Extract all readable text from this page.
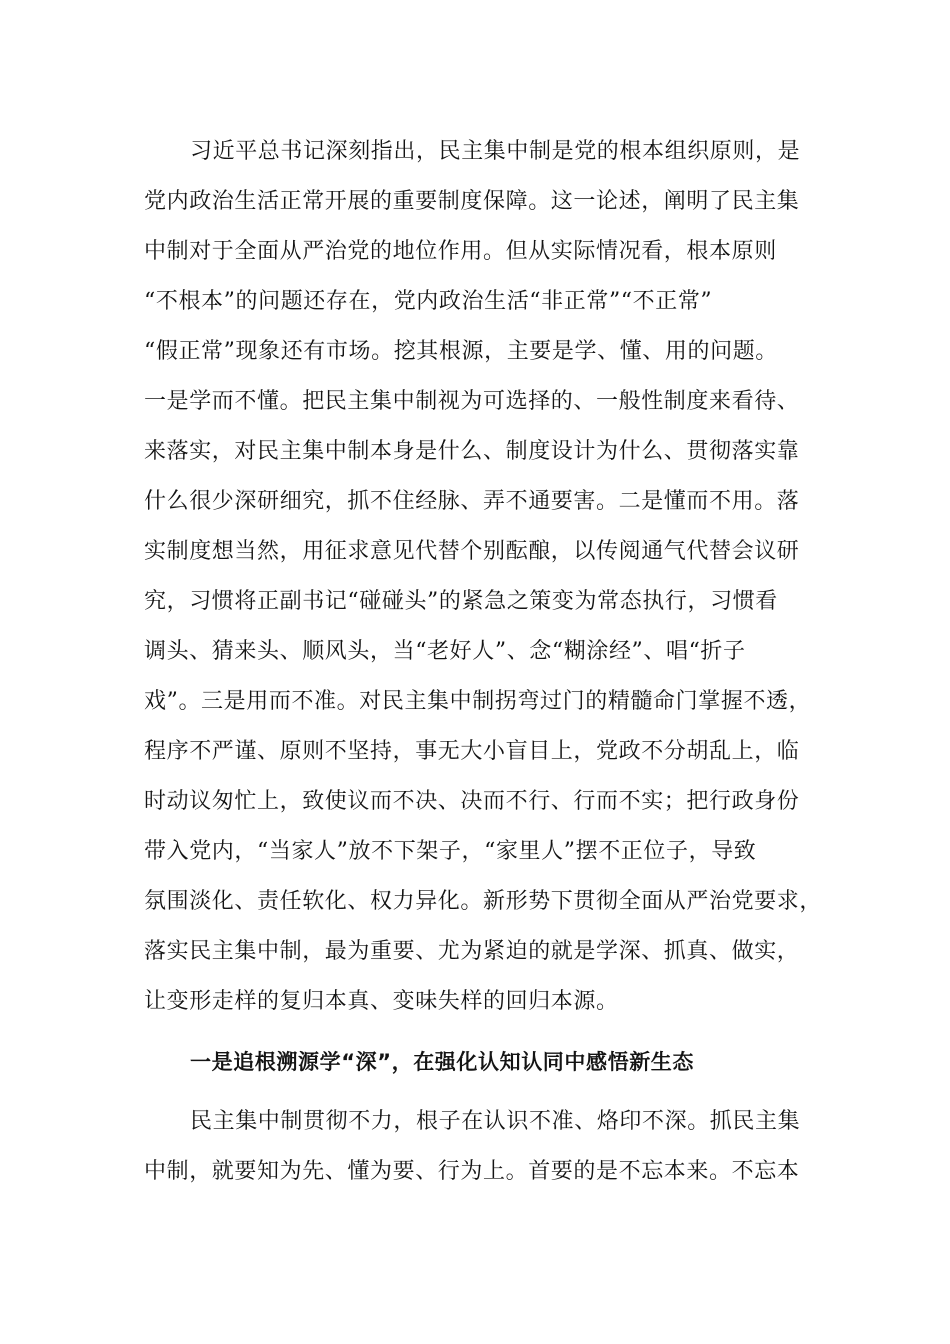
习近平总书记深刻指出，民主集中制是党的根本组织原则，是
党内政治生活正常开展的重要制度保障。这一论述，阐明了民主集
中制对于全面从严治党的地位作用。但从实际情况看，根本原则
“不根本”的问题还存在，党内政治生活“非正常”“不正常”
“假正常”现象还有市场。挖其根源，主要是学、懂、用的问题。
一是学而不懂。把民主集中制视为可选择的、一般性制度来看待、
来落实，对民主集中制本身是什么、制度设计为什么、贯彻落实靠
什么很少深研细究，抓不住经脉、弄不通要害。二是懂而不用。落
实制度想当然，用征求意见代替个别酝酿，以传阅通气代替会议研
究，习惯将正副书记“碰碰头”的紧急之策变为常态执行，习惯看
调头、猜来头、顺风头，当“老好人”、念“糊涂经”、唱“折子
戏”。三是用而不准。对民主集中制拐弯过门的精髓命门掌握不透，
程序不严谨、原则不坚持，事无大小盲目上，党政不分胡乱上，临
时动议匆忙上，致使议而不决、决而不行、行而不实；把行政身份
带入党内，“当家人”放不下架子，“家里人”摆不正位子，导致
氛围淡化、责任软化、权力异化。新形势下贯彻全面从严治党要求，
落实民主集中制，最为重要、尤为紧迫的就是学深、抓真、做实，
让变形走样的复归本真、变味失样的回归本源。
一是追根溯源学“深”，在强化认知认同中感悟新生态
民主集中制贯彻不力，根子在认识不准、烙印不深。抓民主集
中制，就要知为先、懂为要、行为上。首要的是不忘本来。不忘本
